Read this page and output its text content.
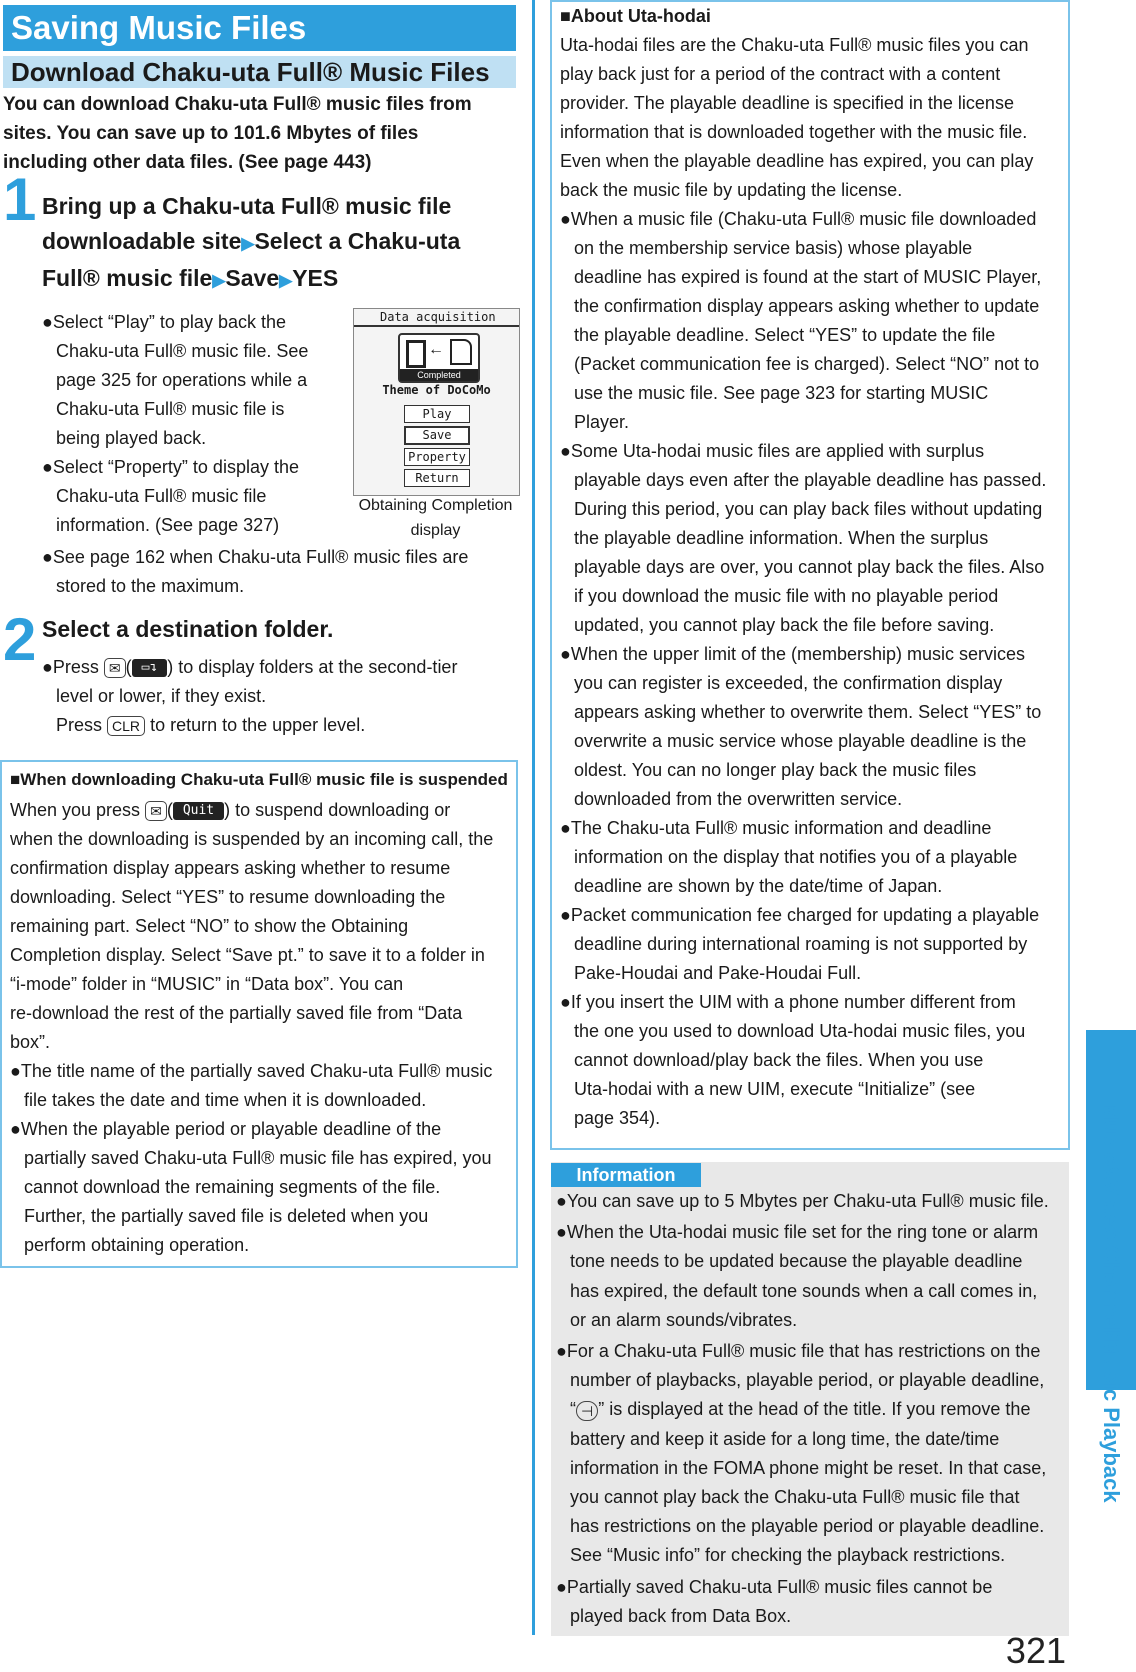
Saving Music Files
Download Chaku-uta Full® Music Files
You can download Chaku-uta Full® music files from
sites. You can save up to 101.6 Mbytes of files
including other data files. (See page 443)
1 Bring up a Chaku-uta Full® music file
downloadable site▶Select a Chaku-uta
Full® music file▶Save▶YES
●Select “Play” to play back the
Chaku-uta Full® music file. See
page 325 for operations while a
Chaku-uta Full® music file is
being played back.
●Select “Property” to display the
Chaku-uta Full® music file
information. (See page 327)
●See page 162 when Chaku-uta Full® music files are
stored to the maximum.
Data acquisition
←
Completed
Theme of DoCoMo
Play
Save
Property
Return
Obtaining Completion
display
2 Select a destination folder.
●Press ✉ ( ▭↴ ) to display folders at the second-tier
level or lower, if they exist.
Press CLR to return to the upper level.
■When downloading Chaku-uta Full® music file is suspended
When you press ✉ ( Quit ) to suspend downloading or
when the downloading is suspended by an incoming call, the
confirmation display appears asking whether to resume
downloading. Select “YES” to resume downloading the
remaining part. Select “NO” to show the Obtaining
Completion display. Select “Save pt.” to save it to a folder in
“i-mode” folder in “MUSIC” in “Data box”. You can
re-download the rest of the partially saved file from “Data
box”.
●The title name of the partially saved Chaku-uta Full® music
file takes the date and time when it is downloaded.
●When the playable period or playable deadline of the
partially saved Chaku-uta Full® music file has expired, you
cannot download the remaining segments of the file.
Further, the partially saved file is deleted when you
perform obtaining operation.
■About Uta-hodai
Uta-hodai files are the Chaku-uta Full® music files you can
play back just for a period of the contract with a content
provider. The playable deadline is specified in the license
information that is downloaded together with the music file.
Even when the playable deadline has expired, you can play
back the music file by updating the license.
●When a music file (Chaku-uta Full® music file downloaded
on the membership service basis) whose playable
deadline has expired is found at the start of MUSIC Player,
the confirmation display appears asking whether to update
the playable deadline. Select “YES” to update the file
(Packet communication fee is charged). Select “NO” not to
use the music file. See page 323 for starting MUSIC
Player.
●Some Uta-hodai music files are applied with surplus
playable days even after the playable deadline has passed.
During this period, you can play back files without updating
the playable deadline information. When the surplus
playable days are over, you cannot play back the files. Also
if you download the music file with no playable period
updated, you cannot play back the file before saving.
●When the upper limit of the (membership) music services
you can register is exceeded, the confirmation display
appears asking whether to overwrite them. Select “YES” to
overwrite a music service whose playable deadline is the
oldest. You can no longer play back the music files
downloaded from the overwritten service.
●The Chaku-uta Full® music information and deadline
information on the display that notifies you of a playable
deadline are shown by the date/time of Japan.
●Packet communication fee charged for updating a playable
deadline during international roaming is not supported by
Pake-Houdai and Pake-Houdai Full.
●If you insert the UIM with a phone number different from
the one you used to download Uta-hodai music files, you
cannot download/play back the files. When you use
Uta-hodai with a new UIM, execute “Initialize” (see
page 354).
Information
●You can save up to 5 Mbytes per Chaku-uta Full® music file.
●When the Uta-hodai music file set for the ring tone or alarm
tone needs to be updated because the playable deadline
has expired, the default tone sounds when a call comes in,
or an alarm sounds/vibrates.
●For a Chaku-uta Full® music file that has restrictions on the
number of playbacks, playable period, or playable deadline,
“ ⊣ ” is displayed at the head of the title. If you remove the
battery and keep it aside for a long time, the date/time
information in the FOMA phone might be reset. In that case,
you cannot play back the Chaku-uta Full® music file that
has restrictions on the playable period or playable deadline.
See “Music info” for checking the playback restrictions.
●Partially saved Chaku-uta Full® music files cannot be
played back from Data Box.
Music&Video Channel/Music Playback
321
